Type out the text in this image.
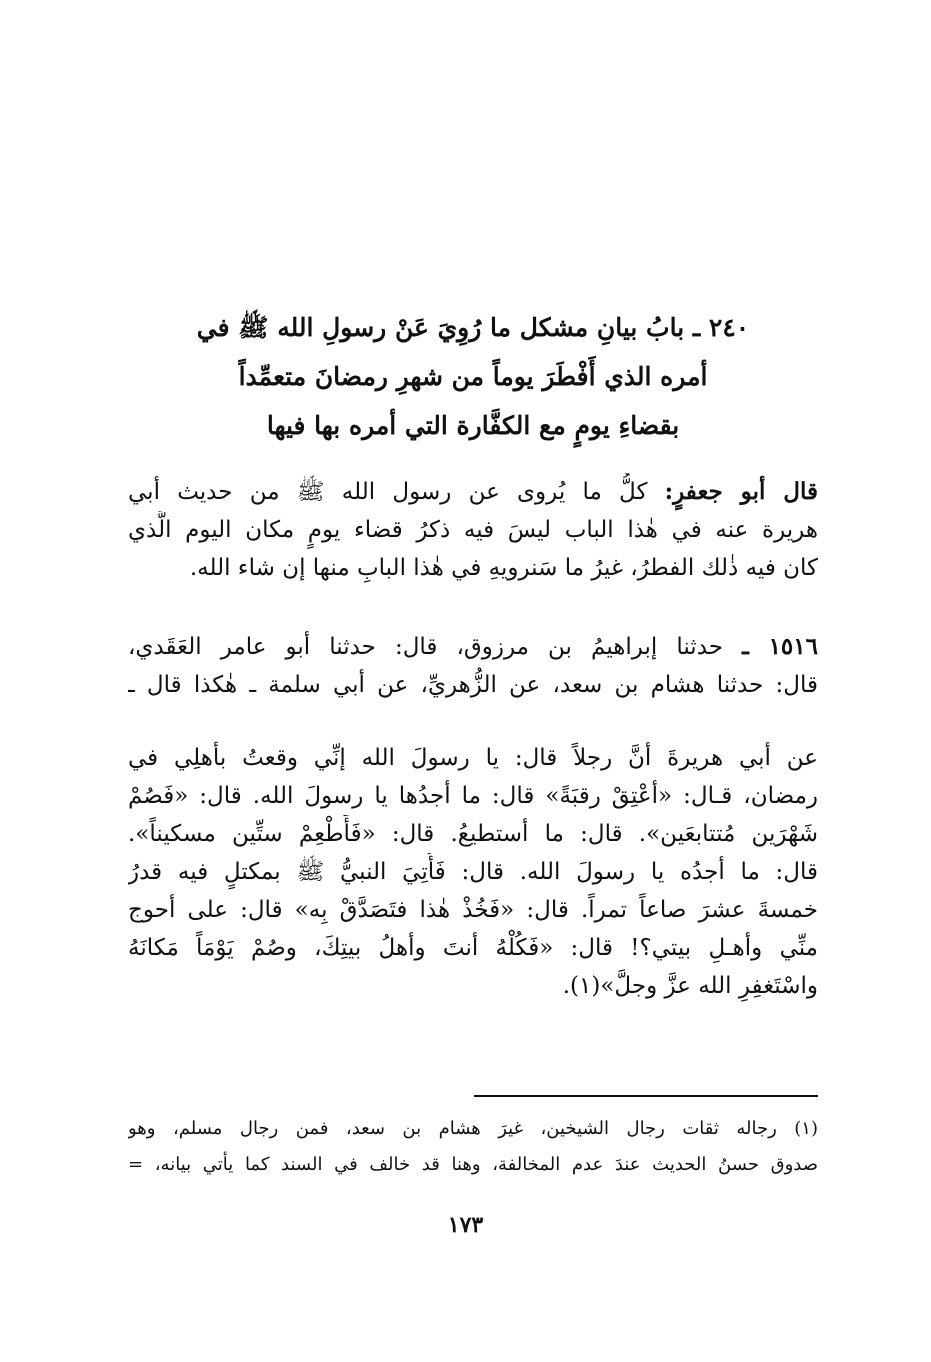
٢٤٠ ـ بابُ بيانِ مشكل ما رُوِيَ عَنْ رسولِ الله ﷺ في
أمره الذي أَفْطَرَ يوماً من شهرِ رمضانَ متعمِّداً
بقضاءِ يومٍ مع الكفَّارة التي أمره بها فيها
قال أبو جعفرٍ: كلُّ ما يُروى عن رسول الله ﷺ من حديث أبي
هريرة عنه في هٰذا الباب ليسَ فيه ذكرُ قضاء يومٍ مكان اليوم الَّذي
كان فيه ذٰلك الفطرُ، غيرُ ما سَنرويهِ في هٰذا البابِ منها إن شاء الله.
١٥١٦ ـ حدثنا إبراهيمُ بن مرزوق، قال: حدثنا أبو عامر العَقَدي،
قال: حدثنا هشام بن سعد، عن الزُّهريِّ، عن أبي سلمة ـ هٰكذا قال ـ
عن أبي هريرةَ أنَّ رجلاً قال: يا رسولَ الله إنِّي وقعتُ بأهلِي في
رمضان، قـال: «أعْتِقْ رقبَةً» قال: ما أجدُها يا رسولَ الله. قال: «فَصُمْ
شَهْرَين مُتتابعَين». قال: ما أستطيعُ. قال: «فَأَطْعِمْ ستِّين مسكيناً».
قال: ما أجدُه يا رسولَ الله. قال: فَأُتِيَ النبيُّ ﷺ بمكتلٍ فيه قدرُ
خمسةَ عشرَ صاعاً تمراً. قال: «فَخُذْ هٰذا فتَصَدَّقْ بِه» قال: على أحوج
منِّي وأهـلِ بيتي؟! قال: «فَكُلْهُ أنتَ وأهلُ بيتِكَ، وصُمْ يَوْمَاً مَكانَهُ
واسْتَغفِرِ الله عزَّ وجلَّ»(١).
(١) رجاله ثقات رجال الشيخين، غيرَ هشام بن سعد، فمن رجال مسلم، وهو
صدوق حسنُ الحديث عندَ عدم المخالفة، وهنا قد خالف في السند كما يأتي بيانه، =
١٧٣
